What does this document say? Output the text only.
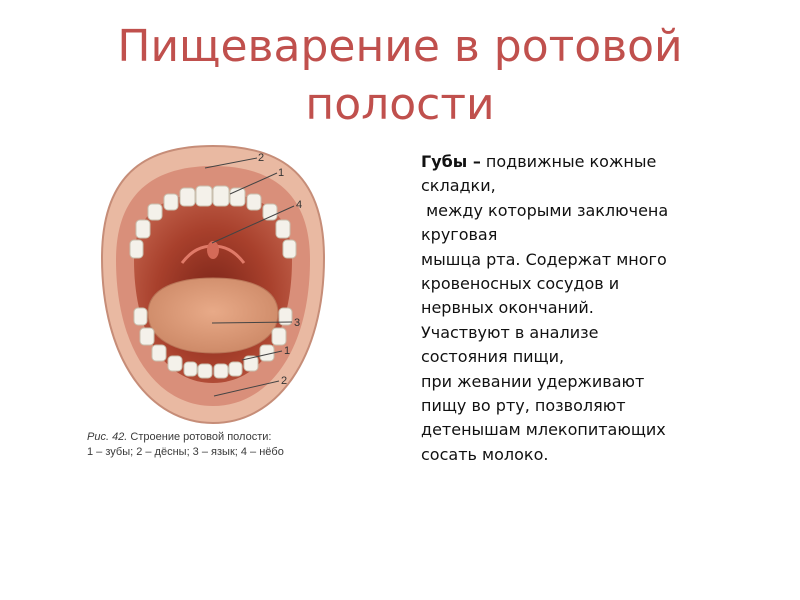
Пищеварение в ротовой
полости
2
1
4
3
1
2
Рис. 42. Строение ротовой полости:
1 – зубы; 2 – дёсны; 3 – язык; 4 – нёбо
Губы – подвижные кожные
складки,
между которыми заключена
круговая
мышца рта. Содержат много
кровеносных сосудов и
нервных окончаний.
Участвуют в анализе
состояния пищи,
при жевании удерживают
пищу во рту, позволяют
детенышам млекопитающих
сосать молоко.
